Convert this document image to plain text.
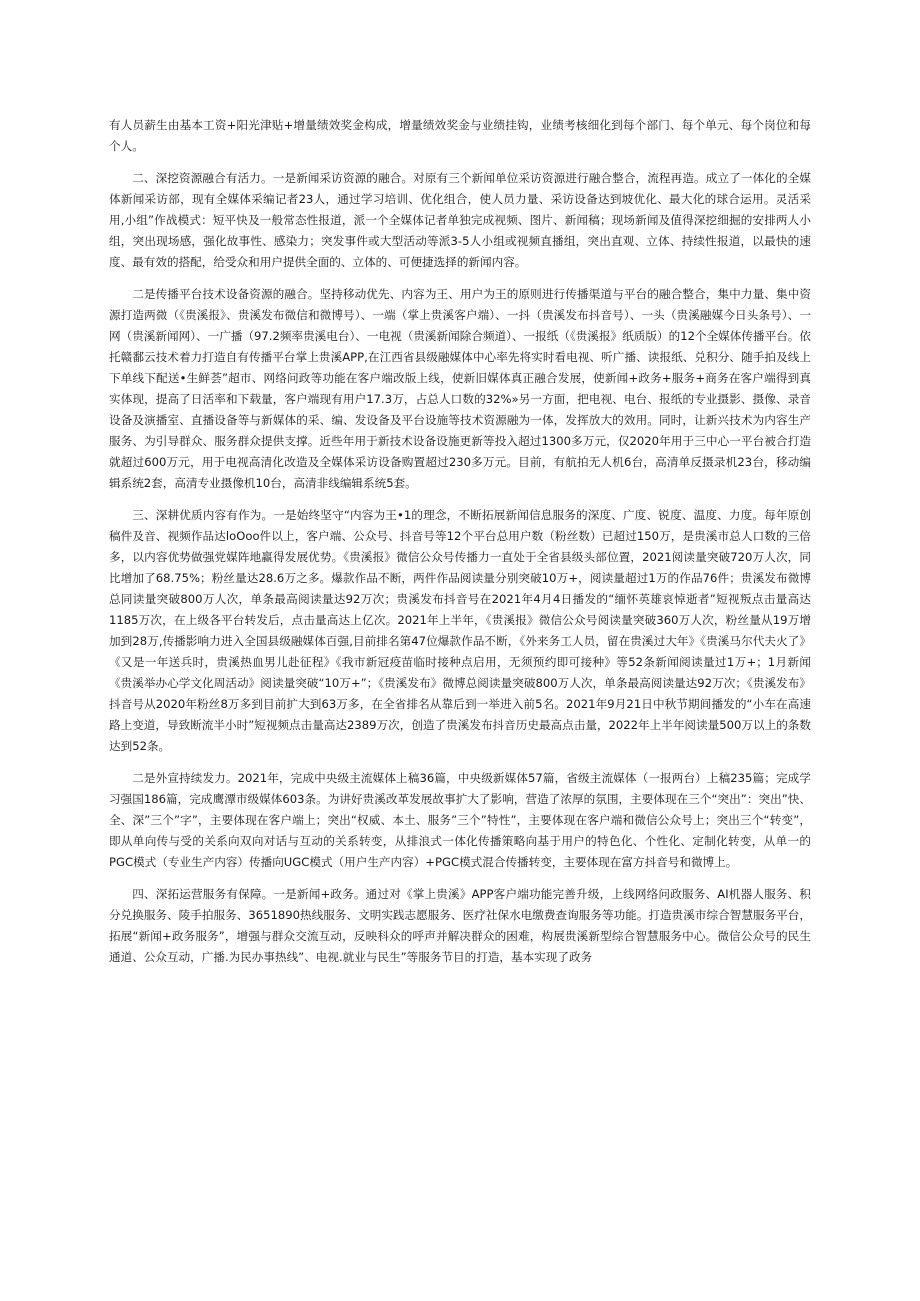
有人员薪生由基本工资+阳光津贴+增量绩效奖金构成，增量绩效奖金与业绩挂钩，业绩考核细化到每个部门、每个单元、每个岗位和每个人。

二、深挖资源融合有活力。一是新闻采访资源的融合。对原有三个新闻单位采访资源进行融合整合，流程再造。成立了一体化的全媒体新闻采访部，现有全媒体采编记者23人，通过学习培训、优化组合，使人员力量、采访设备达到坡优化、最大化的球合运用。灵活采用,小组”作战模式：短平快及一般常态性报道，派一个全媒体记者单独完成视频、图片、新闻稿；现场新闻及值得深挖细掘的安排两人小组，突出现场感，强化故事性、感染力；突发事件或大型活动等派3-5人小组或视频直播组，突出直观、立体、持续性报道，以最快的速度、最有效的搭配，给受众和用户提供全面的、立体的、可便捷选择的新闻内容。

二是传播平台技术设备资源的融合。坚持移动优先、内容为王、用户为王的原则进行传播渠道与平台的融合整合，集中力量、集中资源打造两微（《贵溪报》、贵溪发布微信和微博号）、一端（掌上贵溪客户端）、一抖（贵溪发布抖音号）、一头（贵溪融媒今日头条号）、一网（贵溪新闻网）、一广播（97.2频率贵溪电台）、一电视（贵溪新闻除合频道）、一报纸（《贵溪报》纸质版）的12个全媒体传播平台。依托赣鄱云技术着力打造自有传播平台掌上贵溪APP,在江西省县级融媒体中心率先将实时看电视、听广播、读报纸、兑积分、随手拍及线上下单线下配送•生鲜荟”超市、网络问政等功能在客户端改版上线，使新旧媒体真正融合发展，使新闻+政务+服务+商务在客户端得到真实体现，提高了日活率和下载量，客户端现有用户17.3万，占总人口数的32%»另一方面，把电视、电台、报纸的专业摄影、摄像、录音设备及演播室、直播设备等与新媒体的采、编、发设备及平台设施等技术资源融为一体，发挥放大的效用。同时，让新兴技术为内容生产服务、为引导群众、服务群众提供支撑。近些年用于新技术设备设施更新等投入超过1300多万元，仅2020年用于三中心一平台被合打造就超过600万元，用于电视高清化改造及全媒体采访设备购置超过230多万元。目前，有航拍无人机6台，高清单反摄录机23台，移动编辑系统2套，高清专业摄像机10台，高清非线编辑系统5套。

三、深耕优质内容有作为。一是始终坚守“内容为王•1的理念，不断拓展新闻信息服务的深度、广度、锐度、温度、力度。每年原创稿件及音、视频作品达loOoo件以上，客户端、公众号、抖音号等12个平台总用户数（粉丝数）已超过150万，是贵溪市总人口数的三倍多，以内容优势做强党媒阵地赢得发展优势。《贵溪报》微信公众号传播力一直处于全省县级头部位置，2021阅读量突破720万人次，同比增加了68.75%；粉丝量达28.6万之多。爆款作品不断，两件作品阅读量分别突破10万+，阅读量超过1万的作品76件；贵溪发布微博总同读量突破800万人次，单条最高阅读量达92万次；贵溪发布抖音号在2021年4月4日播发的“缅怀英雄哀悼逝者”短视叛点击量高达1185万次，在上级各平台转发后，点击量高达上亿次。2021年上半年，《贵溪报》微信公众号阅读量突破360万人次，粉丝量从19万增加到28万,传播影响力进入全国县级融媒体百强,目前排名第47位爆款作品不断，《外来务工人员，留在贵溪过大年》《贵溪马尔代夫火了》《又是一年送兵时，贵溪热血男儿赴征程》《我市新冠疫苗临时接种点启用，无须预约即可接种》等52条新闻阅读量过1万+；1月新闻《贵溪举办心学文化周活动》阅读量突破“10万+”；《贵溪发布》微博总阅读量突破800万人次，单条最高阅读量达92万次；《贵溪发布》抖音号从2020年粉丝8万多到目前扩大到63万多，在全省排名从靠后到一举进入前5名。2021年9月21日中秋节期间播发的“小车在高速路上变道，导致断流半小时”短视频点击量高达2389万次，创造了贵溪发布抖音历史最高点击量，2022年上半年阅读量500万以上的条数达到52条。

二是外宣持续发力。2021年，完成中央级主流媒体上稿36篇，中央级新媒体57篇，省级主流媒体（一报两台）上稿235篇；完成学习强国186篇，完成鹰潭市级媒体603条。为讲好贵溪改革发展故事扩大了影响，营造了浓厚的氛围，主要体现在三个“突出”：突出”快、全、深”三个”字”，主要体现在客户端上；突出“权威、本土、服务”三个”特性”，主要体现在客户端和微信公众号上；突出三个“转变”，即从单向传与受的关系向双向对话与互动的关系转变，从排浪式一体化传播策略向基于用户的特色化、个性化、定制化转变，从单一的PGC模式（专业生产内容）传播向UGC模式（用户生产内容）+PGC模式混合传播转变，主要体现在富方抖音号和微博上。

四、深拓运营服务有保障。一是新闻+政务。通过对《掌上贵溪》APP客户端功能完善升级，上线网络问政服务、AI机器人服务、积分兑换服务、陵手拍服务、3651890热线服务、文明实践志愿服务、医疗社保水电缴费查询服务等功能。打造贵溪市综合智慧服务平台，拓展“新闻+政务服务”，增强与群众交流互动，反映科众的呼声并解决群众的困难，构展贵溪新型综合智慧服务中心。微信公众号的民生通道、公众互动，广播.为民办事热线”、电视.就业与民生”等服务节目的打造，基本实现了政务
